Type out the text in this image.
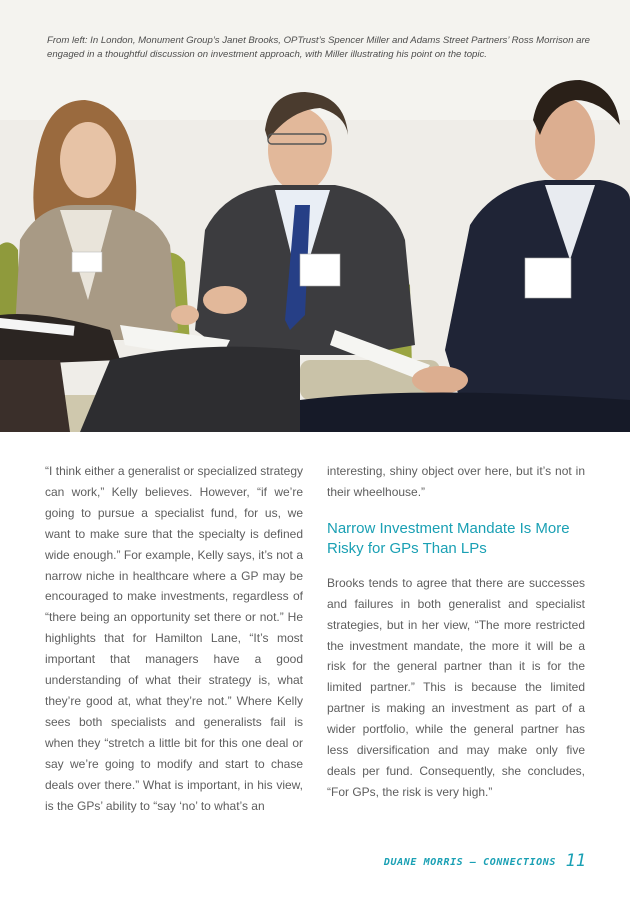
From left: In London, Monument Group’s Janet Brooks, OPTrust’s Spencer Miller and Adams Street Partners’ Ross Morrison are engaged in a thoughtful discussion on investment approach, with Miller illustrating his point on the topic.

“I think either a generalist or specialized strategy can work,” Kelly believes. However, “if we’re going to pursue a specialist fund, for us, we want to make sure that the specialty is defined wide enough.” For example, Kelly says, it’s not a narrow niche in healthcare where a GP may be encouraged to make investments, regardless of “there being an opportunity set there or not.” He highlights that for Hamilton Lane, “It’s most important that managers have a good understanding of what their strategy is, what they’re good at, what they’re not.” Where Kelly sees both specialists and generalists fail is when they “stretch a little bit for this one deal or say we’re going to modify and start to chase deals over there.” What is important, in his view, is the GPs’ ability to “say ‘no’ to what’s an

interesting, shiny object over here, but it’s not in their wheelhouse.”

Narrow Investment Mandate Is More Risky for GPs Than LPs

Brooks tends to agree that there are successes and failures in both generalist and specialist strategies, but in her view, “The more restricted the investment mandate, the more it will be a risk for the general partner than it is for the limited partner.” This is because the limited partner is making an investment as part of a wider portfolio, while the general partner has less diversification and may make only five deals per fund. Consequently, she concludes, “For GPs, the risk is very high.”

DUANE MORRIS — CONNECTIONS 11
